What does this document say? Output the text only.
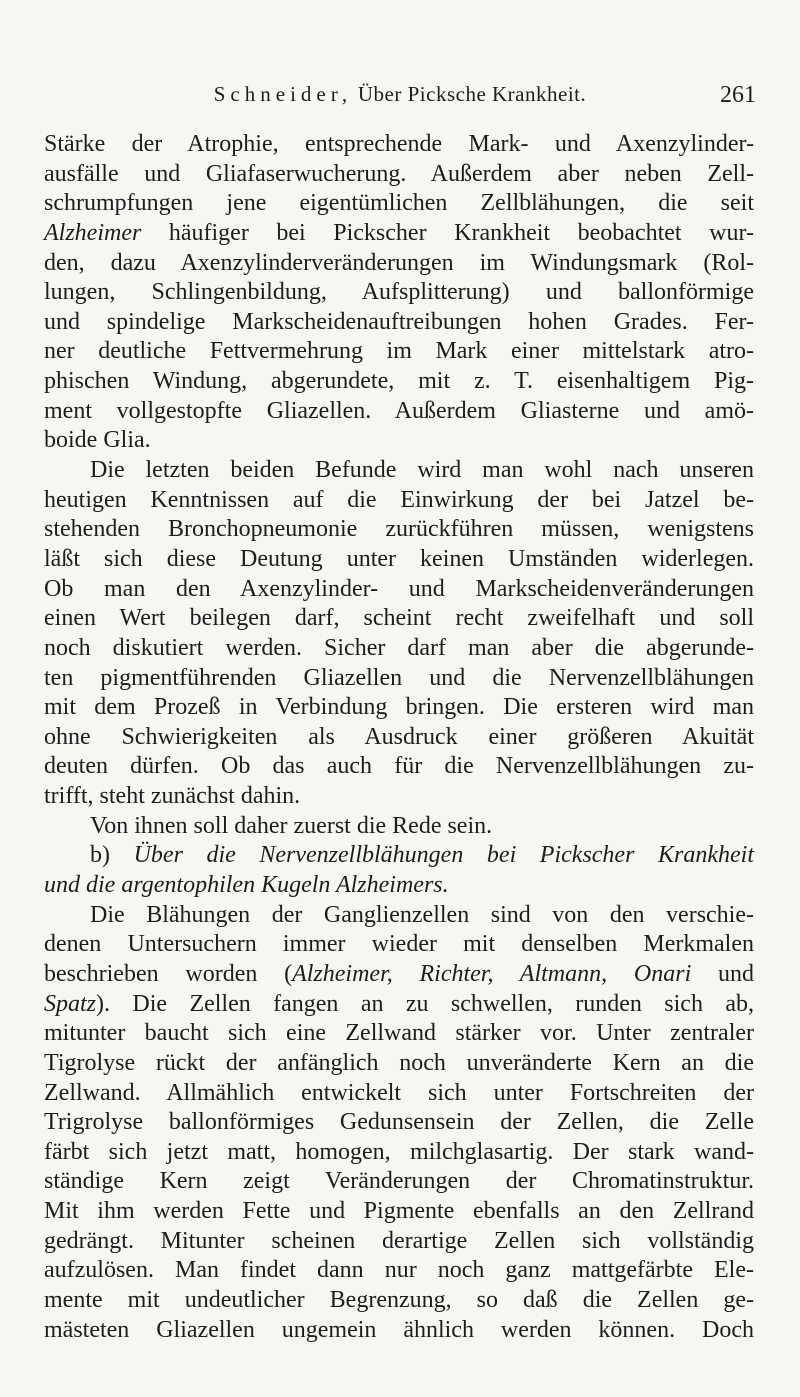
Schneider, Über Picksche Krankheit.	261
Stärke der Atrophie, entsprechende Mark- und Axenzylinder-
ausfälle und Gliafaserwucherung. Außerdem aber neben Zell-
schrumpfungen jene eigentümlichen Zellblähungen, die seit
Alzheimer häufiger bei Pickscher Krankheit beobachtet wur-
den, dazu Axenzylinderveränderungen im Windungsmark (Rol-
lungen, Schlingenbildung, Aufsplitterung) und ballonförmige
und spindelige Markscheidenauftreibungen hohen Grades. Fer-
ner deutliche Fettvermehrung im Mark einer mittelstark atro-
phischen Windung, abgerundete, mit z. T. eisenhaltigem Pig-
ment vollgestopfte Gliazellen. Außerdem Gliasterne und amö-
boide Glia.
Die letzten beiden Befunde wird man wohl nach unseren
heutigen Kenntnissen auf die Einwirkung der bei Jatzel be-
stehenden Bronchopneumonie zurückführen müssen, wenigstens
läßt sich diese Deutung unter keinen Umständen widerlegen.
Ob man den Axenzylinder- und Markscheidenveränderungen
einen Wert beilegen darf, scheint recht zweifelhaft und soll
noch diskutiert werden. Sicher darf man aber die abgerunde-
ten pigmentführenden Gliazellen und die Nervenzellblähungen
mit dem Prozeß in Verbindung bringen. Die ersteren wird man
ohne Schwierigkeiten als Ausdruck einer größeren Akuität
deuten dürfen. Ob das auch für die Nervenzellblähungen zu-
trifft, steht zunächst dahin.
Von ihnen soll daher zuerst die Rede sein.
b) Über die Nervenzellblähungen bei Pickscher Krankheit
und die argentophilen Kugeln Alzheimers.
Die Blähungen der Ganglienzellen sind von den verschie-
denen Untersuchern immer wieder mit denselben Merkmalen
beschrieben worden (Alzheimer, Richter, Altmann, Onari und
Spatz). Die Zellen fangen an zu schwellen, runden sich ab,
mitunter baucht sich eine Zellwand stärker vor. Unter zentraler
Tigrolyse rückt der anfänglich noch unveränderte Kern an die
Zellwand. Allmählich entwickelt sich unter Fortschreiten der
Trigrolyse ballonförmiges Gedunsensein der Zellen, die Zelle
färbt sich jetzt matt, homogen, milchglasartig. Der stark wand-
ständige Kern zeigt Veränderungen der Chromatinstruktur.
Mit ihm werden Fette und Pigmente ebenfalls an den Zellrand
gedrängt. Mitunter scheinen derartige Zellen sich vollständig
aufzulösen. Man findet dann nur noch ganz mattgefärbte Ele-
mente mit undeutlicher Begrenzung, so daß die Zellen ge-
mästeten Gliazellen ungemein ähnlich werden können. Doch
